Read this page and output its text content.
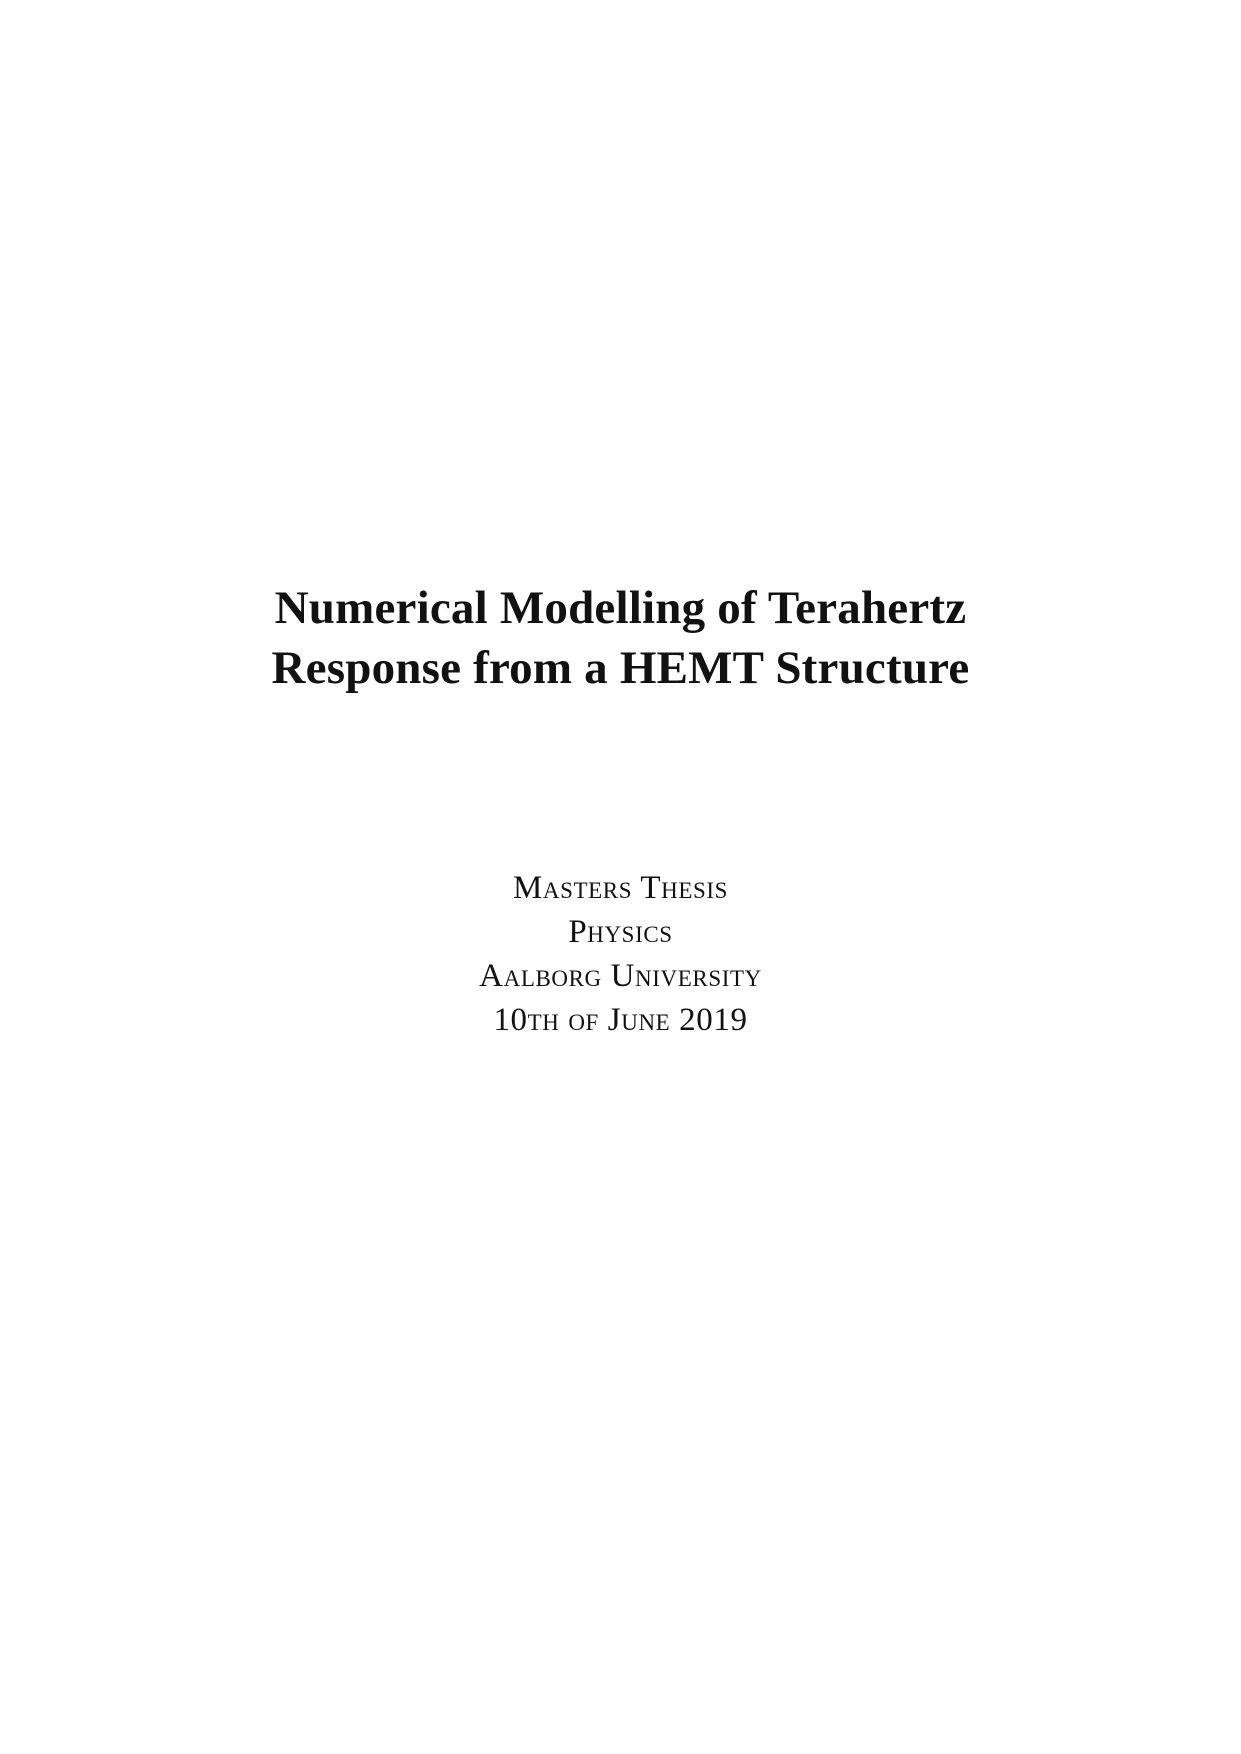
Numerical Modelling of Terahertz
Response from a HEMT Structure
Masters Thesis
Physics
Aalborg University
10th of June 2019
